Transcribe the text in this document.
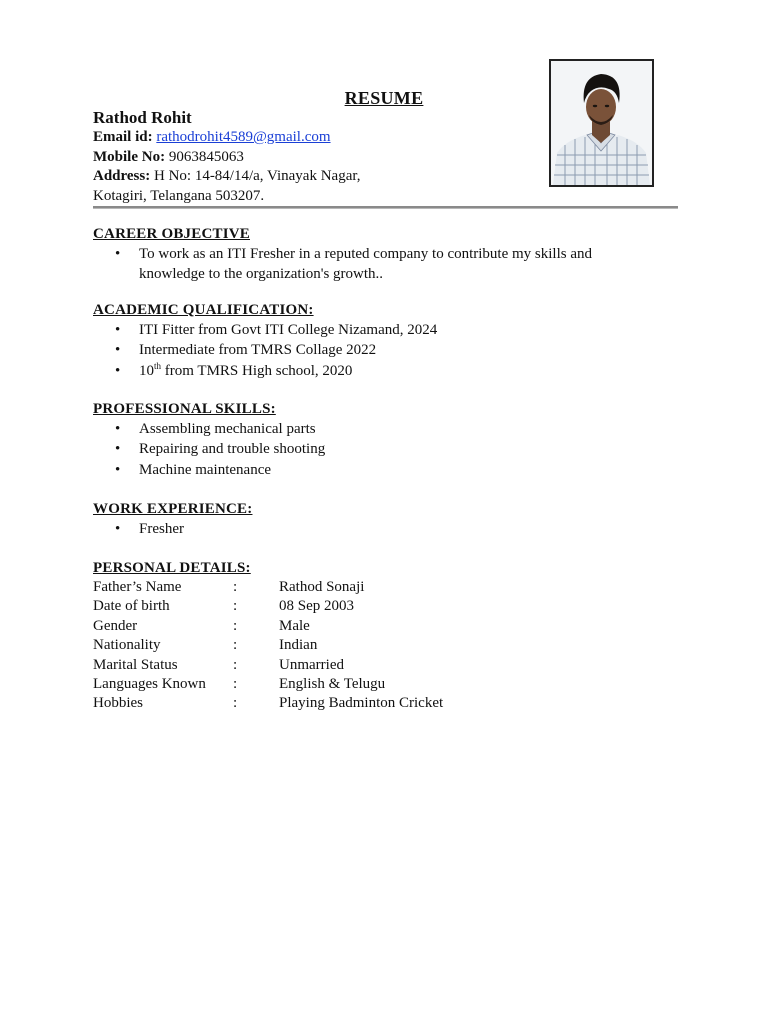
RESUME
Rathod Rohit
Email id: rathodrohit4589@gmail.com
Mobile No: 9063845063
Address: H No: 14-84/14/a, Vinayak Nagar,
Kotagiri, Telangana 503207.
CAREER OBJECTIVE
• To work as an ITI Fresher in a reputed company to contribute my skills and
knowledge to the organization's growth..
ACADEMIC QUALIFICATION:
• ITI Fitter from Govt ITI College Nizamand, 2024
• Intermediate from TMRS Collage 2022
• 10th from TMRS High school, 2020
PROFESSIONAL SKILLS:
• Assembling mechanical parts
• Repairing and trouble shooting
• Machine maintenance
WORK EXPERIENCE:
• Fresher
PERSONAL DETAILS:
Father’s Name	:	Rathod Sonaji
Date of birth	:	08 Sep 2003
Gender	:	Male
Nationality	:	Indian
Marital Status	:	Unmarried
Languages Known	:	English & Telugu
Hobbies	:	Playing Badminton Cricket
